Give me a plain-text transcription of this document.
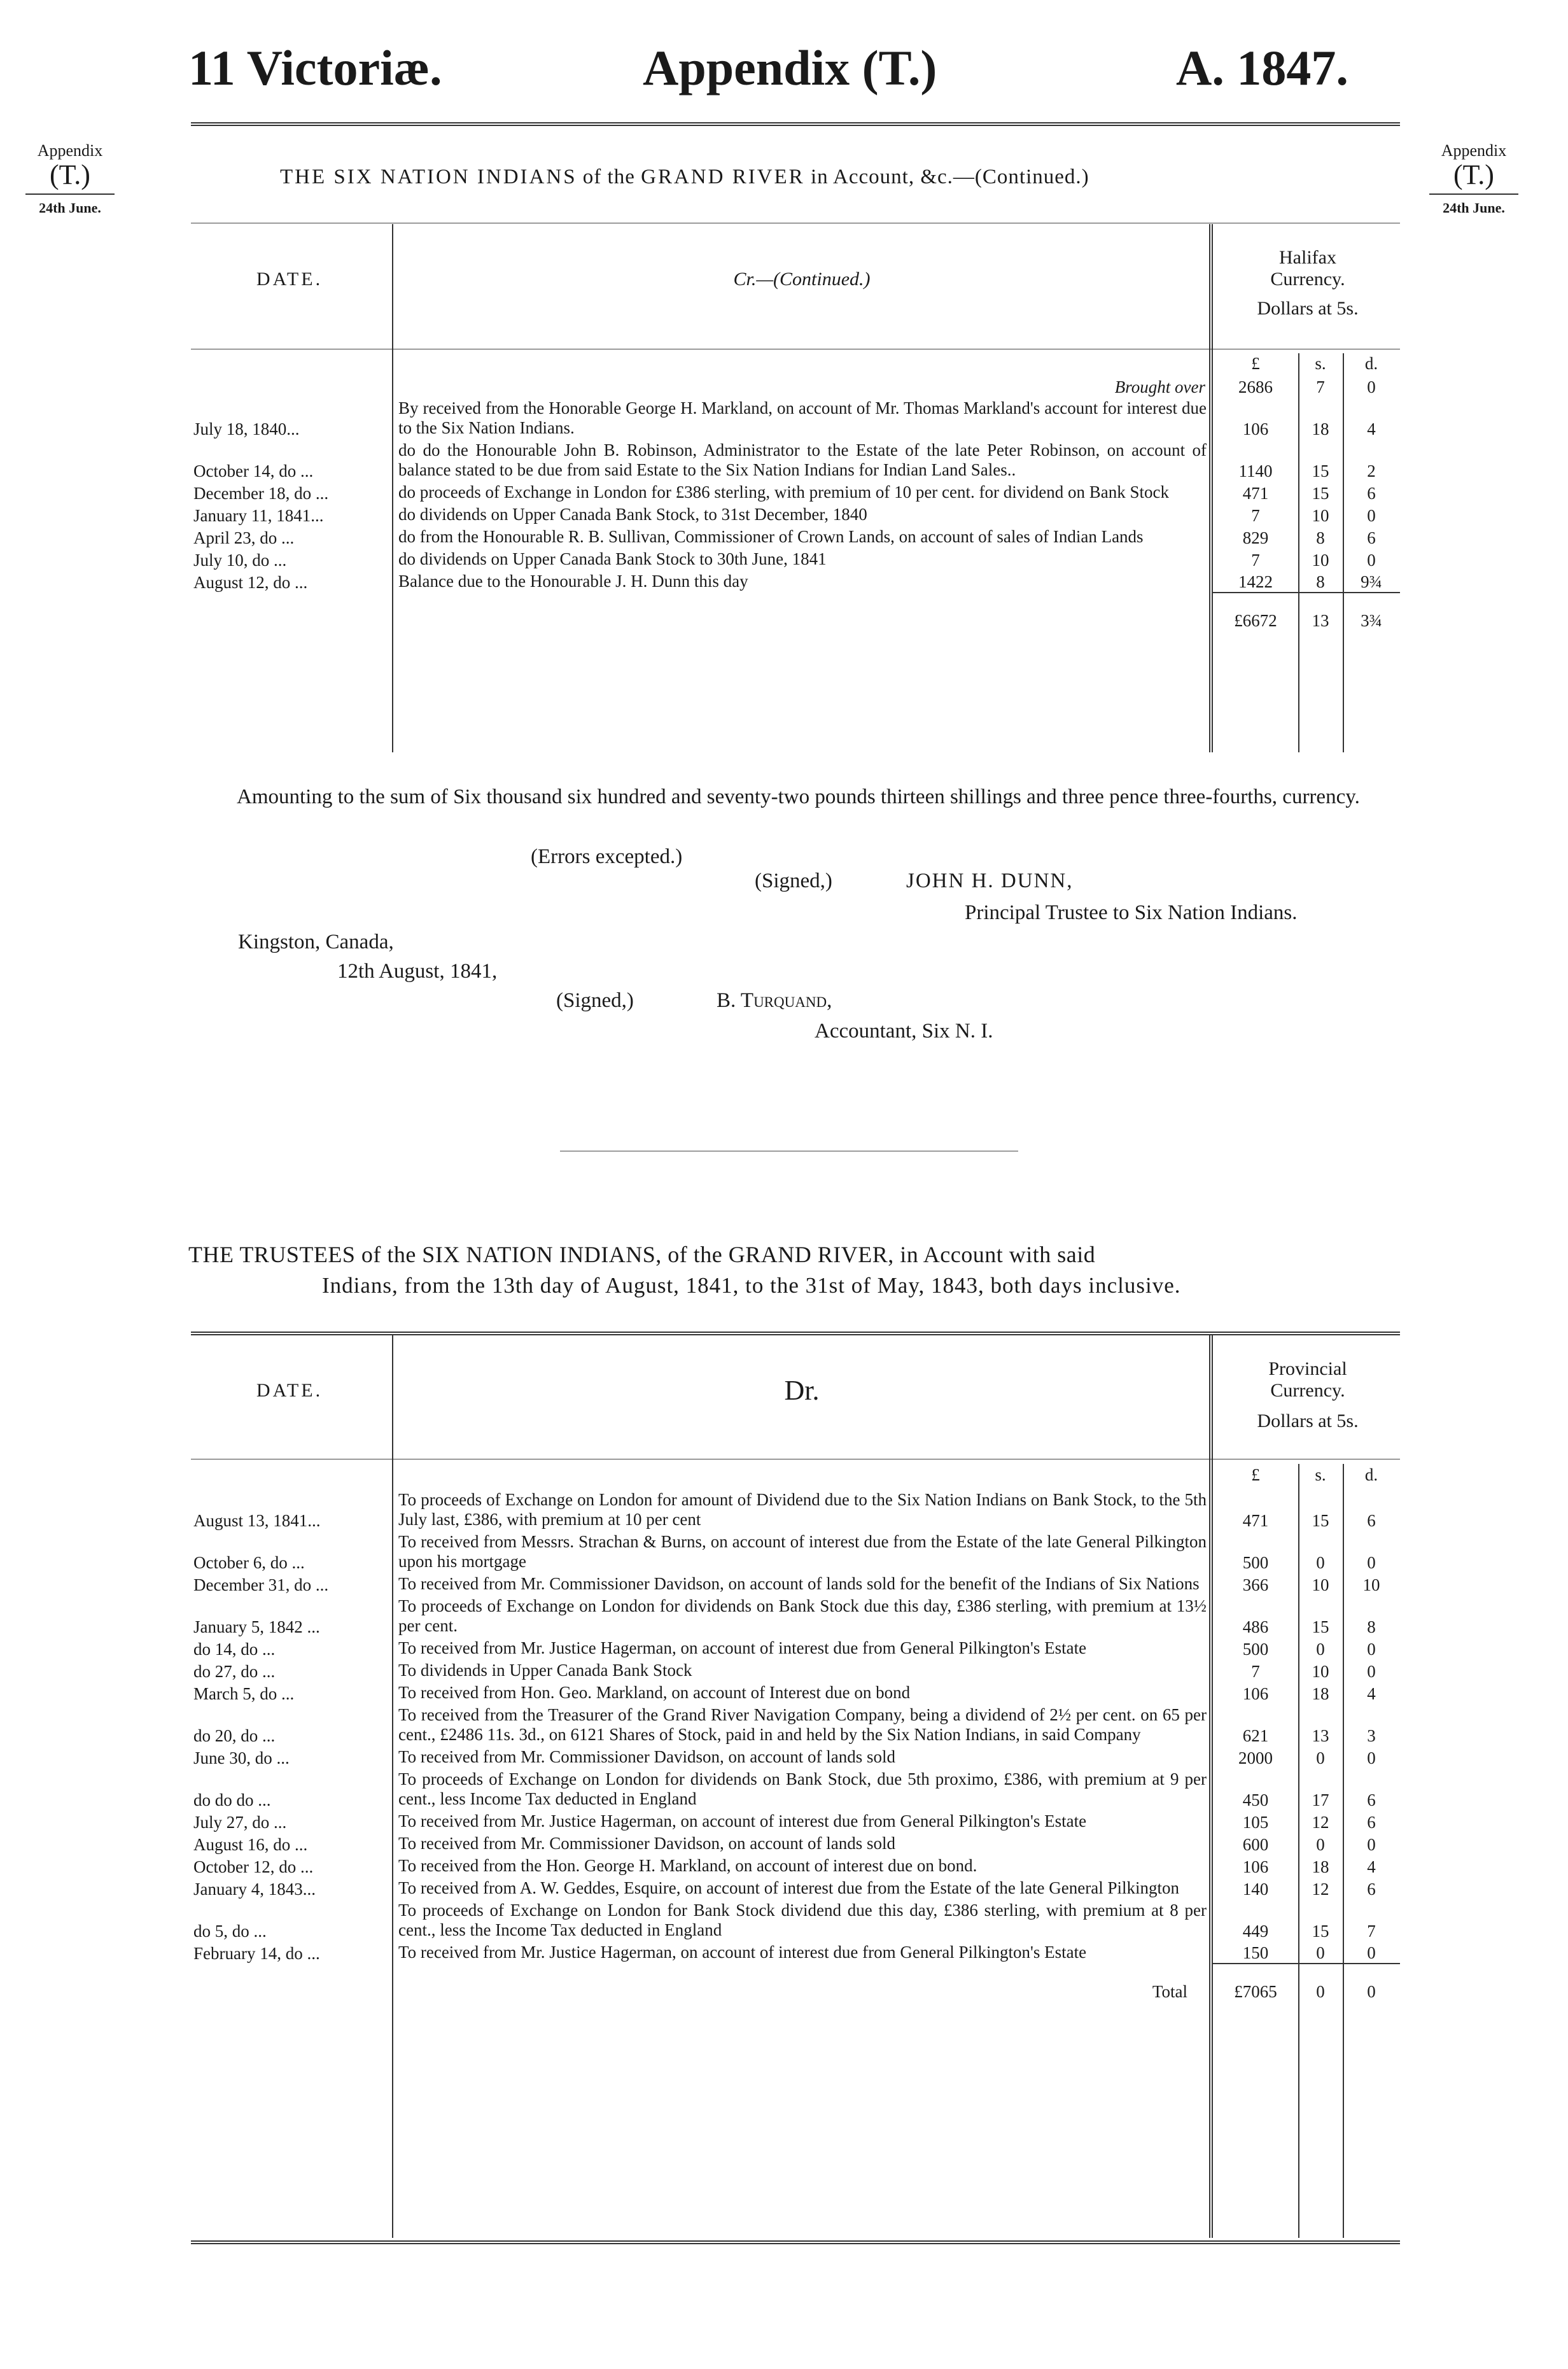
11 Victoriæ.	Appendix (T.)	A. 1847.
Appendix
(T.)
24th June.
Appendix
(T.)
24th June.
THE SIX NATION INDIANS of the GRAND RIVER in Account, &c.—(Continued.)
DATE.	Cr.—(Continued.)
Halifax
Currency.
Dollars at 5s.
		£	s.	d.
	Brought over	2686	7	0
July 18, 1840...	By received from the Honorable George H. Markland, on account of Mr. Thomas Markland's account for interest due to the Six Nation Indians.	106	18	4
October 14, do ...	do do the Honourable John B. Robinson, Administrator to the Estate of the late Peter Robinson, on account of balance stated to be due from said Estate to the Six Nation Indians for Indian Land Sales..	1140	15	2
December 18, do ...	do proceeds of Exchange in London for £386 sterling, with premium of 10 per cent. for dividend on Bank Stock	471	15	6
January 11, 1841...	do dividends on Upper Canada Bank Stock, to 31st December, 1840	7	10	0
April 23, do ...	do from the Honourable R. B. Sullivan, Commissioner of Crown Lands, on account of sales of Indian Lands	829	8	6
July 10, do ...	do dividends on Upper Canada Bank Stock to 30th June, 1841	7	10	0
August 12, do ...	Balance due to the Honourable J. H. Dunn this day	1422	8	9¾
		£6672	13	3¾
Amounting to the sum of Six thousand six hundred and seventy-two pounds thirteen shillings and three pence three-fourths, currency.
(Errors excepted.)
(Signed,)	JOHN H. DUNN,
Principal Trustee to Six Nation Indians.
Kingston, Canada,
12th August, 1841,
(Signed,)	B. Turquand,
Accountant, Six N. I.
THE TRUSTEES of the SIX NATION INDIANS, of the GRAND RIVER, in Account with said
Indians, from the 13th day of August, 1841, to the 31st of May, 1843, both days inclusive.
DATE.	Dr.
Provincial
Currency.
Dollars at 5s.
		£	s.	d.
August 13, 1841...	To proceeds of Exchange on London for amount of Dividend due to the Six Nation Indians on Bank Stock, to the 5th July last, £386, with premium at 10 per cent	471	15	6
October 6, do ...	To received from Messrs. Strachan & Burns, on account of interest due from the Estate of the late General Pilkington upon his mortgage	500	0	0
December 31, do ...	To received from Mr. Commissioner Davidson, on account of lands sold for the benefit of the Indians of Six Nations	366	10	10
January 5, 1842 ...	To proceeds of Exchange on London for dividends on Bank Stock due this day, £386 sterling, with premium at 13½ per cent.	486	15	8
do 14, do ...	To received from Mr. Justice Hagerman, on account of interest due from General Pilkington's Estate	500	0	0
do 27, do ...	To dividends in Upper Canada Bank Stock	7	10	0
March 5, do ...	To received from Hon. Geo. Markland, on account of Interest due on bond	106	18	4
do 20, do ...	To received from the Treasurer of the Grand River Navigation Company, being a dividend of 2½ per cent. on 65 per cent., £2486 11s. 3d., on 6121 Shares of Stock, paid in and held by the Six Nation Indians, in said Company	621	13	3
June 30, do ...	To received from Mr. Commissioner Davidson, on account of lands sold	2000	0	0
do do do ...	To proceeds of Exchange on London for dividends on Bank Stock, due 5th proximo, £386, with premium at 9 per cent., less Income Tax deducted in England	450	17	6
July 27, do ...	To received from Mr. Justice Hagerman, on account of interest due from General Pilkington's Estate	105	12	6
August 16, do ...	To received from Mr. Commissioner Davidson, on account of lands sold	600	0	0
October 12, do ...	To received from the Hon. George H. Markland, on account of interest due on bond.	106	18	4
January 4, 1843...	To received from A. W. Geddes, Esquire, on account of interest due from the Estate of the late General Pilkington	140	12	6
do 5, do ...	To proceeds of Exchange on London for Bank Stock dividend due this day, £386 sterling, with premium at 8 per cent., less the Income Tax deducted in England	449	15	7
February 14, do ...	To received from Mr. Justice Hagerman, on account of interest due from General Pilkington's Estate	150	0	0
	Total	£7065	0	0
